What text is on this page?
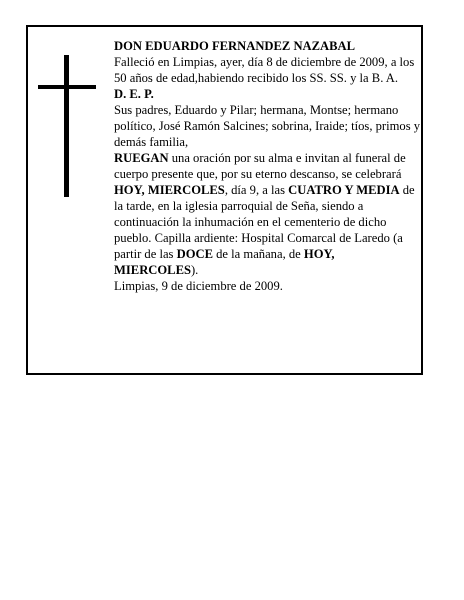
DON EDUARDO FERNANDEZ NAZABAL

Falleció en Limpias, ayer, día 8 de diciembre de 2009, a los 50 años de edad,habiendo recibido los SS. SS. y la B. A.

D. E. P.

Sus padres, Eduardo y Pilar; hermana, Montse; hermano político, José Ramón Salcines; sobrina, Iraide; tíos, primos y demás familia,

RUEGAN una oración por su alma e invitan al funeral de cuerpo presente que, por su eterno descanso, se celebrará HOY, MIERCOLES, día 9, a las CUATRO Y MEDIA de la tarde, en la iglesia parroquial de Seña, siendo a continuación la inhumación en el cementerio de dicho pueblo. Capilla ardiente: Hospital Comarcal de Laredo (a partir de las DOCE de la mañana, de HOY, MIERCOLES).

Limpias, 9 de diciembre de 2009.
